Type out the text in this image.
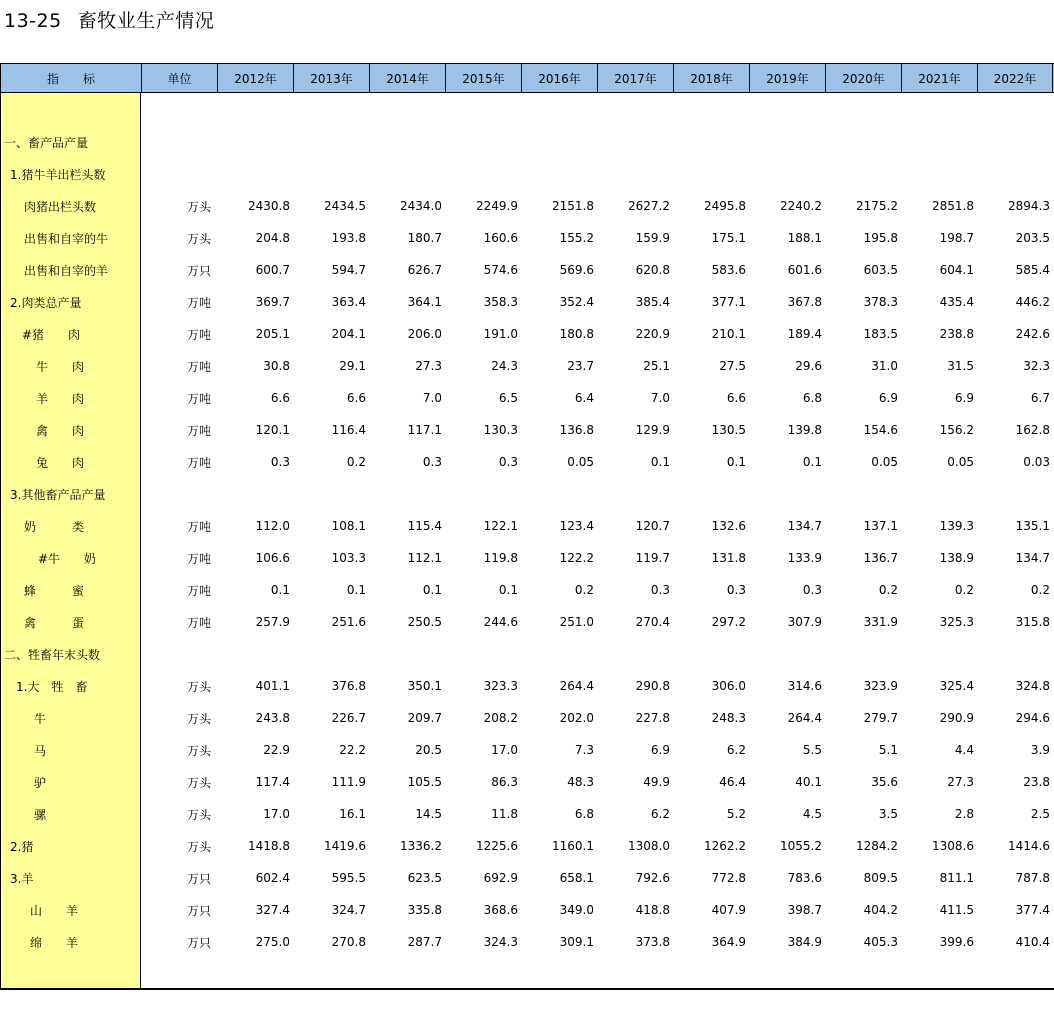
13-25 畜牧业生产情况
指　　标	单位	2012年	2013年	2014年	2015年	2016年	2017年	2018年	2019年	2020年	2021年	2022年
一、畜产品产量
1.猪牛羊出栏头数
肉猪出栏头数	万头	2430.8	2434.5	2434.0	2249.9	2151.8	2627.2	2495.8	2240.2	2175.2	2851.8	2894.3
出售和自宰的牛	万头	204.8	193.8	180.7	160.6	155.2	159.9	175.1	188.1	195.8	198.7	203.5
出售和自宰的羊	万只	600.7	594.7	626.7	574.6	569.6	620.8	583.6	601.6	603.5	604.1	585.4
2.肉类总产量	万吨	369.7	363.4	364.1	358.3	352.4	385.4	377.1	367.8	378.3	435.4	446.2
#猪　　肉	万吨	205.1	204.1	206.0	191.0	180.8	220.9	210.1	189.4	183.5	238.8	242.6
牛　　肉	万吨	30.8	29.1	27.3	24.3	23.7	25.1	27.5	29.6	31.0	31.5	32.3
羊　　肉	万吨	6.6	6.6	7.0	6.5	6.4	7.0	6.6	6.8	6.9	6.9	6.7
禽　　肉	万吨	120.1	116.4	117.1	130.3	136.8	129.9	130.5	139.8	154.6	156.2	162.8
兔　　肉	万吨	0.3	0.2	0.3	0.3	0.05	0.1	0.1	0.1	0.05	0.05	0.03
3.其他畜产品产量
奶　　　类	万吨	112.0	108.1	115.4	122.1	123.4	120.7	132.6	134.7	137.1	139.3	135.1
#牛　　奶	万吨	106.6	103.3	112.1	119.8	122.2	119.7	131.8	133.9	136.7	138.9	134.7
蜂　　　蜜	万吨	0.1	0.1	0.1	0.1	0.2	0.3	0.3	0.3	0.2	0.2	0.2
禽　　　蛋	万吨	257.9	251.6	250.5	244.6	251.0	270.4	297.2	307.9	331.9	325.3	315.8
二、牲畜年末头数
1.大　牲　畜	万头	401.1	376.8	350.1	323.3	264.4	290.8	306.0	314.6	323.9	325.4	324.8
牛	万头	243.8	226.7	209.7	208.2	202.0	227.8	248.3	264.4	279.7	290.9	294.6
马	万头	22.9	22.2	20.5	17.0	7.3	6.9	6.2	5.5	5.1	4.4	3.9
驴	万头	117.4	111.9	105.5	86.3	48.3	49.9	46.4	40.1	35.6	27.3	23.8
骡	万头	17.0	16.1	14.5	11.8	6.8	6.2	5.2	4.5	3.5	2.8	2.5
2.猪	万头	1418.8	1419.6	1336.2	1225.6	1160.1	1308.0	1262.2	1055.2	1284.2	1308.6	1414.6
3.羊	万只	602.4	595.5	623.5	692.9	658.1	792.6	772.8	783.6	809.5	811.1	787.8
山　　羊	万只	327.4	324.7	335.8	368.6	349.0	418.8	407.9	398.7	404.2	411.5	377.4
绵　　羊	万只	275.0	270.8	287.7	324.3	309.1	373.8	364.9	384.9	405.3	399.6	410.4
